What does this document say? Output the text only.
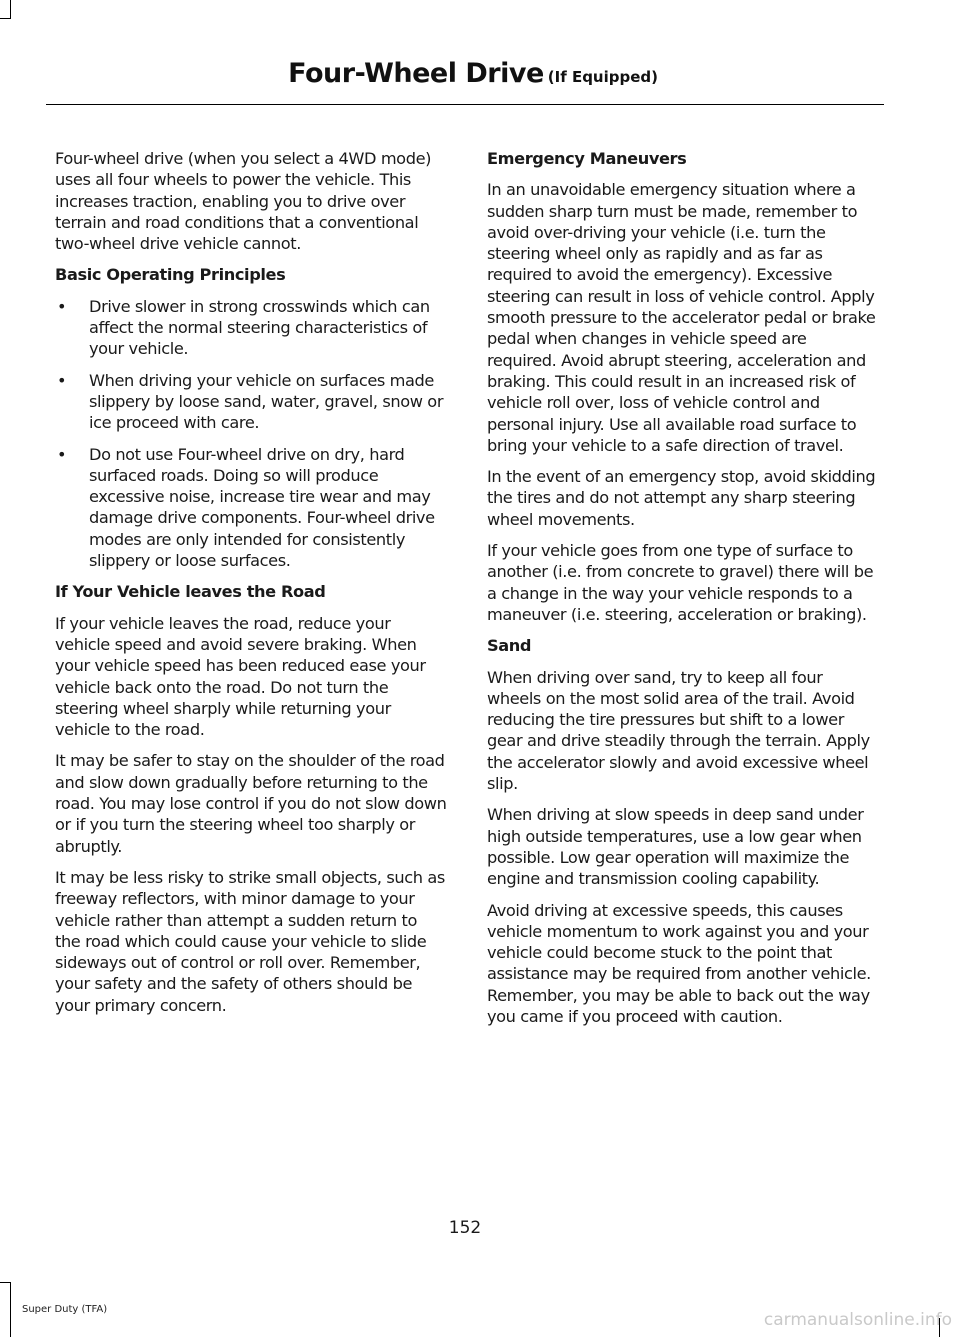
Four-Wheel Drive (If Equipped)

Four-wheel drive (when you select a 4WD mode) uses all four wheels to power the vehicle. This increases traction, enabling you to drive over terrain and road conditions that a conventional two-wheel drive vehicle cannot.

Basic Operating Principles
•	Drive slower in strong crosswinds which can affect the normal steering characteristics of your vehicle.
•	When driving your vehicle on surfaces made slippery by loose sand, water, gravel, snow or ice proceed with care.
•	Do not use Four-wheel drive on dry, hard surfaced roads. Doing so will produce excessive noise, increase tire wear and may damage drive components. Four-wheel drive modes are only intended for consistently slippery or loose surfaces.
If Your Vehicle leaves the Road

If your vehicle leaves the road, reduce your vehicle speed and avoid severe braking. When your vehicle speed has been reduced ease your vehicle back onto the road. Do not turn the steering wheel sharply while returning your vehicle to the road.

It may be safer to stay on the shoulder of the road and slow down gradually before returning to the road. You may lose control if you do not slow down or if you turn the steering wheel too sharply or abruptly.

It may be less risky to strike small objects, such as freeway reflectors, with minor damage to your vehicle rather than attempt a sudden return to the road which could cause your vehicle to slide sideways out of control or roll over. Remember, your safety and the safety of others should be your primary concern.

Emergency Maneuvers

In an unavoidable emergency situation where a sudden sharp turn must be made, remember to avoid over-driving your vehicle (i.e. turn the steering wheel only as rapidly and as far as required to avoid the emergency). Excessive steering can result in loss of vehicle control. Apply smooth pressure to the accelerator pedal or brake pedal when changes in vehicle speed are required. Avoid abrupt steering, acceleration and braking. This could result in an increased risk of vehicle roll over, loss of vehicle control and personal injury. Use all available road surface to bring your vehicle to a safe direction of travel.

In the event of an emergency stop, avoid skidding the tires and do not attempt any sharp steering wheel movements.

If your vehicle goes from one type of surface to another (i.e. from concrete to gravel) there will be a change in the way your vehicle responds to a maneuver (i.e. steering, acceleration or braking).

Sand

When driving over sand, try to keep all four wheels on the most solid area of the trail. Avoid reducing the tire pressures but shift to a lower gear and drive steadily through the terrain. Apply the accelerator slowly and avoid excessive wheel slip.

When driving at slow speeds in deep sand under high outside temperatures, use a low gear when possible. Low gear operation will maximize the engine and transmission cooling capability.

Avoid driving at excessive speeds, this causes vehicle momentum to work against you and your vehicle could become stuck to the point that assistance may be required from another vehicle. Remember, you may be able to back out the way you came if you proceed with caution.

152
Super Duty (TFA)
carmanualsonline.info
